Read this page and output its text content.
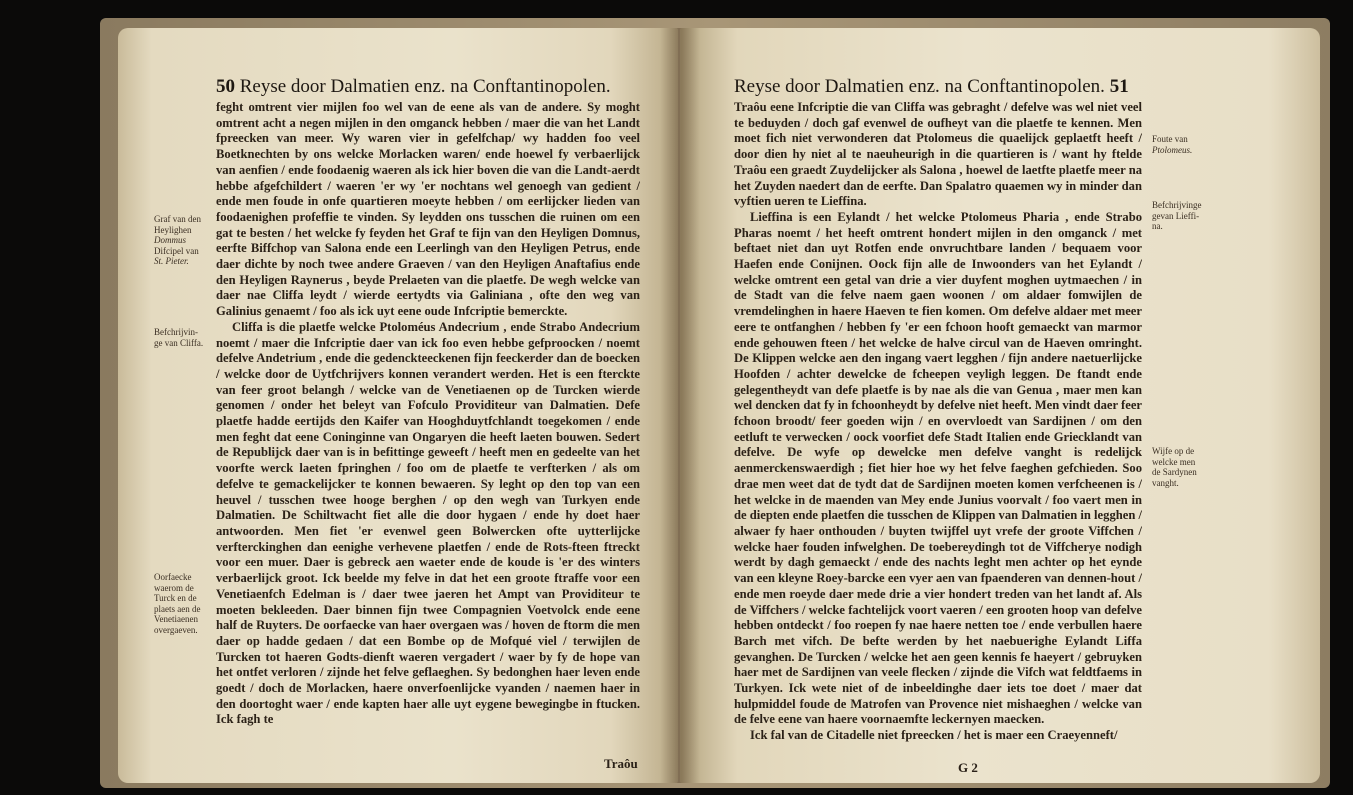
50 Reyse door Dalmatien enz. na Conftantinopolen.
Graf van den
Heylighen
Dommus
Difcipel van
St. Pieter.
Befchrijvin-
ge van Cliffa.
Oorfaecke
waerom de
Turck en de
plaets aen de
Venetiaenen
overgaeven.

feght omtrent vier mijlen foo wel van de eene als van de andere. Sy moght omtrent acht a negen mijlen in den omganck hebben / maer die van het Landt fpreecken van meer. Wy waren vier in gefelfchap/ wy hadden foo veel Boetknechten by ons welcke Morlacken waren/ ende hoewel fy verbaerlijck van aenfien / ende foodaenig waeren als ick hier boven die van die Landt-aerdt hebbe afgefchildert / waeren 'er wy 'er nochtans wel genoegh van gedient / ende men foude in onfe quartieren moeyte hebben / om eerlijcker lieden van foodaenighen profeffie te vinden. Sy leydden ons tusschen die ruinen om een gat te besten / het welcke fy feyden het Graf te fijn van den Heyligen Domnus, eerfte Biffchop van Salona ende een Leerlingh van den Heyligen Petrus, ende daer dichte by noch twee andere Graeven / van den Heyligen Anaftafius ende den Heyligen Raynerus , beyde Prelaeten van die plaetfe. De wegh welcke van daer nae Cliffa leydt / wierde eertydts via Galiniana , ofte den weg van Galinius genaemt / foo als ick uyt eene oude Infcriptie bemerckte.

Cliffa is die plaetfe welcke Ptoloméus Andecrium , ende Strabo Andecrium noemt / maer die Infcriptie daer van ick foo even hebbe gefproocken / noemt defelve Andetrium , ende die gedenckteeckenen fijn feeckerder dan de boecken / welcke door de Uytfchrijvers konnen verandert werden. Het is een fterckte van feer groot belangh / welcke van de Venetiaenen op de Turcken wierde genomen / onder het beleyt van Fofculo Providiteur van Dalmatien. Defe plaetfe hadde eertijds den Kaifer van Hooghduytfchlandt toegekomen / ende men feght dat eene Coninginne van Ongaryen die heeft laeten bouwen. Sedert de Republijck daer van is in befittinge geweeft / heeft men en gedeelte van het voorfte werck laeten fpringhen / foo om de plaetfe te verfterken / als om defelve te gemackelijcker te konnen bewaeren. Sy leght op den top van een heuvel / tusschen twee hooge berghen / op den wegh van Turkyen ende Dalmatien. De Schiltwacht fiet alle die door hygaen / ende hy doet haer antwoorden. Men fiet 'er evenwel geen Bolwercken ofte uytterlijcke verfterckinghen dan eenighe verhevene plaetfen / ende de Rots-fteen ftreckt voor een muer. Daer is gebreck aen waeter ende de koude is 'er des winters verbaerlijck groot. Ick beelde my felve in dat het een groote ftraffe voor een Venetiaenfch Edelman is / daer twee jaeren het Ampt van Providiteur te moeten bekleeden. Daer binnen fijn twee Compagnien Voetvolck ende eene half de Ruyters. De oorfaecke van haer overgaen was / hoven de ftorm die men daer op hadde gedaen / dat een Bombe op de Mofqué viel / terwijlen de Turcken tot haeren Godts-dienft waeren vergadert / waer by fy de hope van het ontfet verloren / zijnde het felve geflaeghen. Sy bedonghen haer leven ende goedt / doch de Morlacken, haere onverfoenlijcke vyanden / naemen haer in den doortoght waer / ende kapten haer alle uyt eygene bewegingbe in ftucken. Ick fagh te

Traôu
Reyse door Dalmatien enz. na Conftantinopolen. 51

Traôu eene Infcriptie die van Cliffa was gebraght / defelve was wel niet veel te beduyden / doch gaf evenwel de oufheyt van die plaetfe te kennen. Men moet fich niet verwonderen dat Ptolomeus die quaelijck geplaetft heeft / door dien hy niet al te naeuheurigh in die quartieren is / want hy ftelde Traôu een graedt Zuydelijcker als Salona , hoewel de laetfte plaetfe meer na het Zuyden naedert dan de eerfte. Dan Spalatro quaemen wy in minder dan vyftien ueren te Lieffina.

Lieffina is een Eylandt / het welcke Ptolomeus Pharia , ende Strabo Pharas noemt / het heeft omtrent hondert mijlen in den omganck / met beftaet niet dan uyt Rotfen ende onvruchtbare landen / bequaem voor Haefen ende Conijnen. Oock fijn alle de Inwoonders van het Eylandt / welcke omtrent een getal van drie a vier duyfent moghen uytmaechen / in de Stadt van die felve naem gaen woonen / om aldaer fomwijlen de vremdelinghen in haere Haeven te fien komen. Om defelve aldaer met meer eere te ontfanghen / hebben fy 'er een fchoon hooft gemaeckt van marmor ende gehouwen fteen / het welcke de halve circul van de Haeven omringht. De Klippen welcke aen den ingang vaert legghen / fijn andere naetuerlijcke Hoofden / achter dewelcke de fcheepen veyligh leggen. De ftandt ende gelegentheydt van defe plaetfe is by nae als die van Genua , maer men kan wel dencken dat fy in fchoonheydt by defelve niet heeft. Men vindt daer feer fchoon broodt/ feer goeden wijn / en overvloedt van Sardijnen / om den eetluft te verwecken / oock voorfiet defe Stadt Italien ende Griecklandt van defelve. De wyfe op dewelcke men defelve vanght is redelijck aenmerckenswaerdigh ; fiet hier hoe wy het felve faeghen gefchieden. Soo draе men weet dat de tydt dat de Sardijnen moeten komen verfcheenen is / het welcke in de maenden van Mey ende Junius voorvalt / foo vaert men in de diepten ende plaetfen die tusschen de Klippen van Dalmatien in legghen / alwaer fy haer onthouden / buyten twijffel uyt vrefe der groote Viffchen / welcke haer fouden infwelghen. De toebereydingh tot de Viffcherye nodigh werdt by dagh gemaeckt / ende des nachts leght men achter op het eynde van een kleyne Roey-barcke een vyer aen van fpaenderen van dennen-hout / ende men roeyde daer mede drie a vier hondert treden van het landt af. Als de Viffchers / welcke fachtelijck voort vaeren / een grooten hoop van defelve hebben ontdeckt / foo roepen fy nae haere netten toe / ende verbullen haere Barch met vifch. De befte werden by het naebuerighe Eylandt Liffa gevanghen. De Turcken / welcke het aen geen kennis fe haeyert / gebruyken haer met de Sardijnen van veele flecken / zijnde die Vifch wat feldtfaems in Turkyen. Ick wete niet of de inbeeldinghe daer iets toe doet / maer dat hulpmiddel foude de Matrofen van Provence niet mishaeghen / welcke van de felve eene van haere voornaemfte leckernyen maecken.

Ick fal van de Citadelle niet fpreecken / het is maer een Craeyenneft/

G 2
Foute van
Ptolomeus.
Befchrijvinge
gevan Lieffi-
na.
Wijfe op de
welcke men
de Sardynen
vanght.
